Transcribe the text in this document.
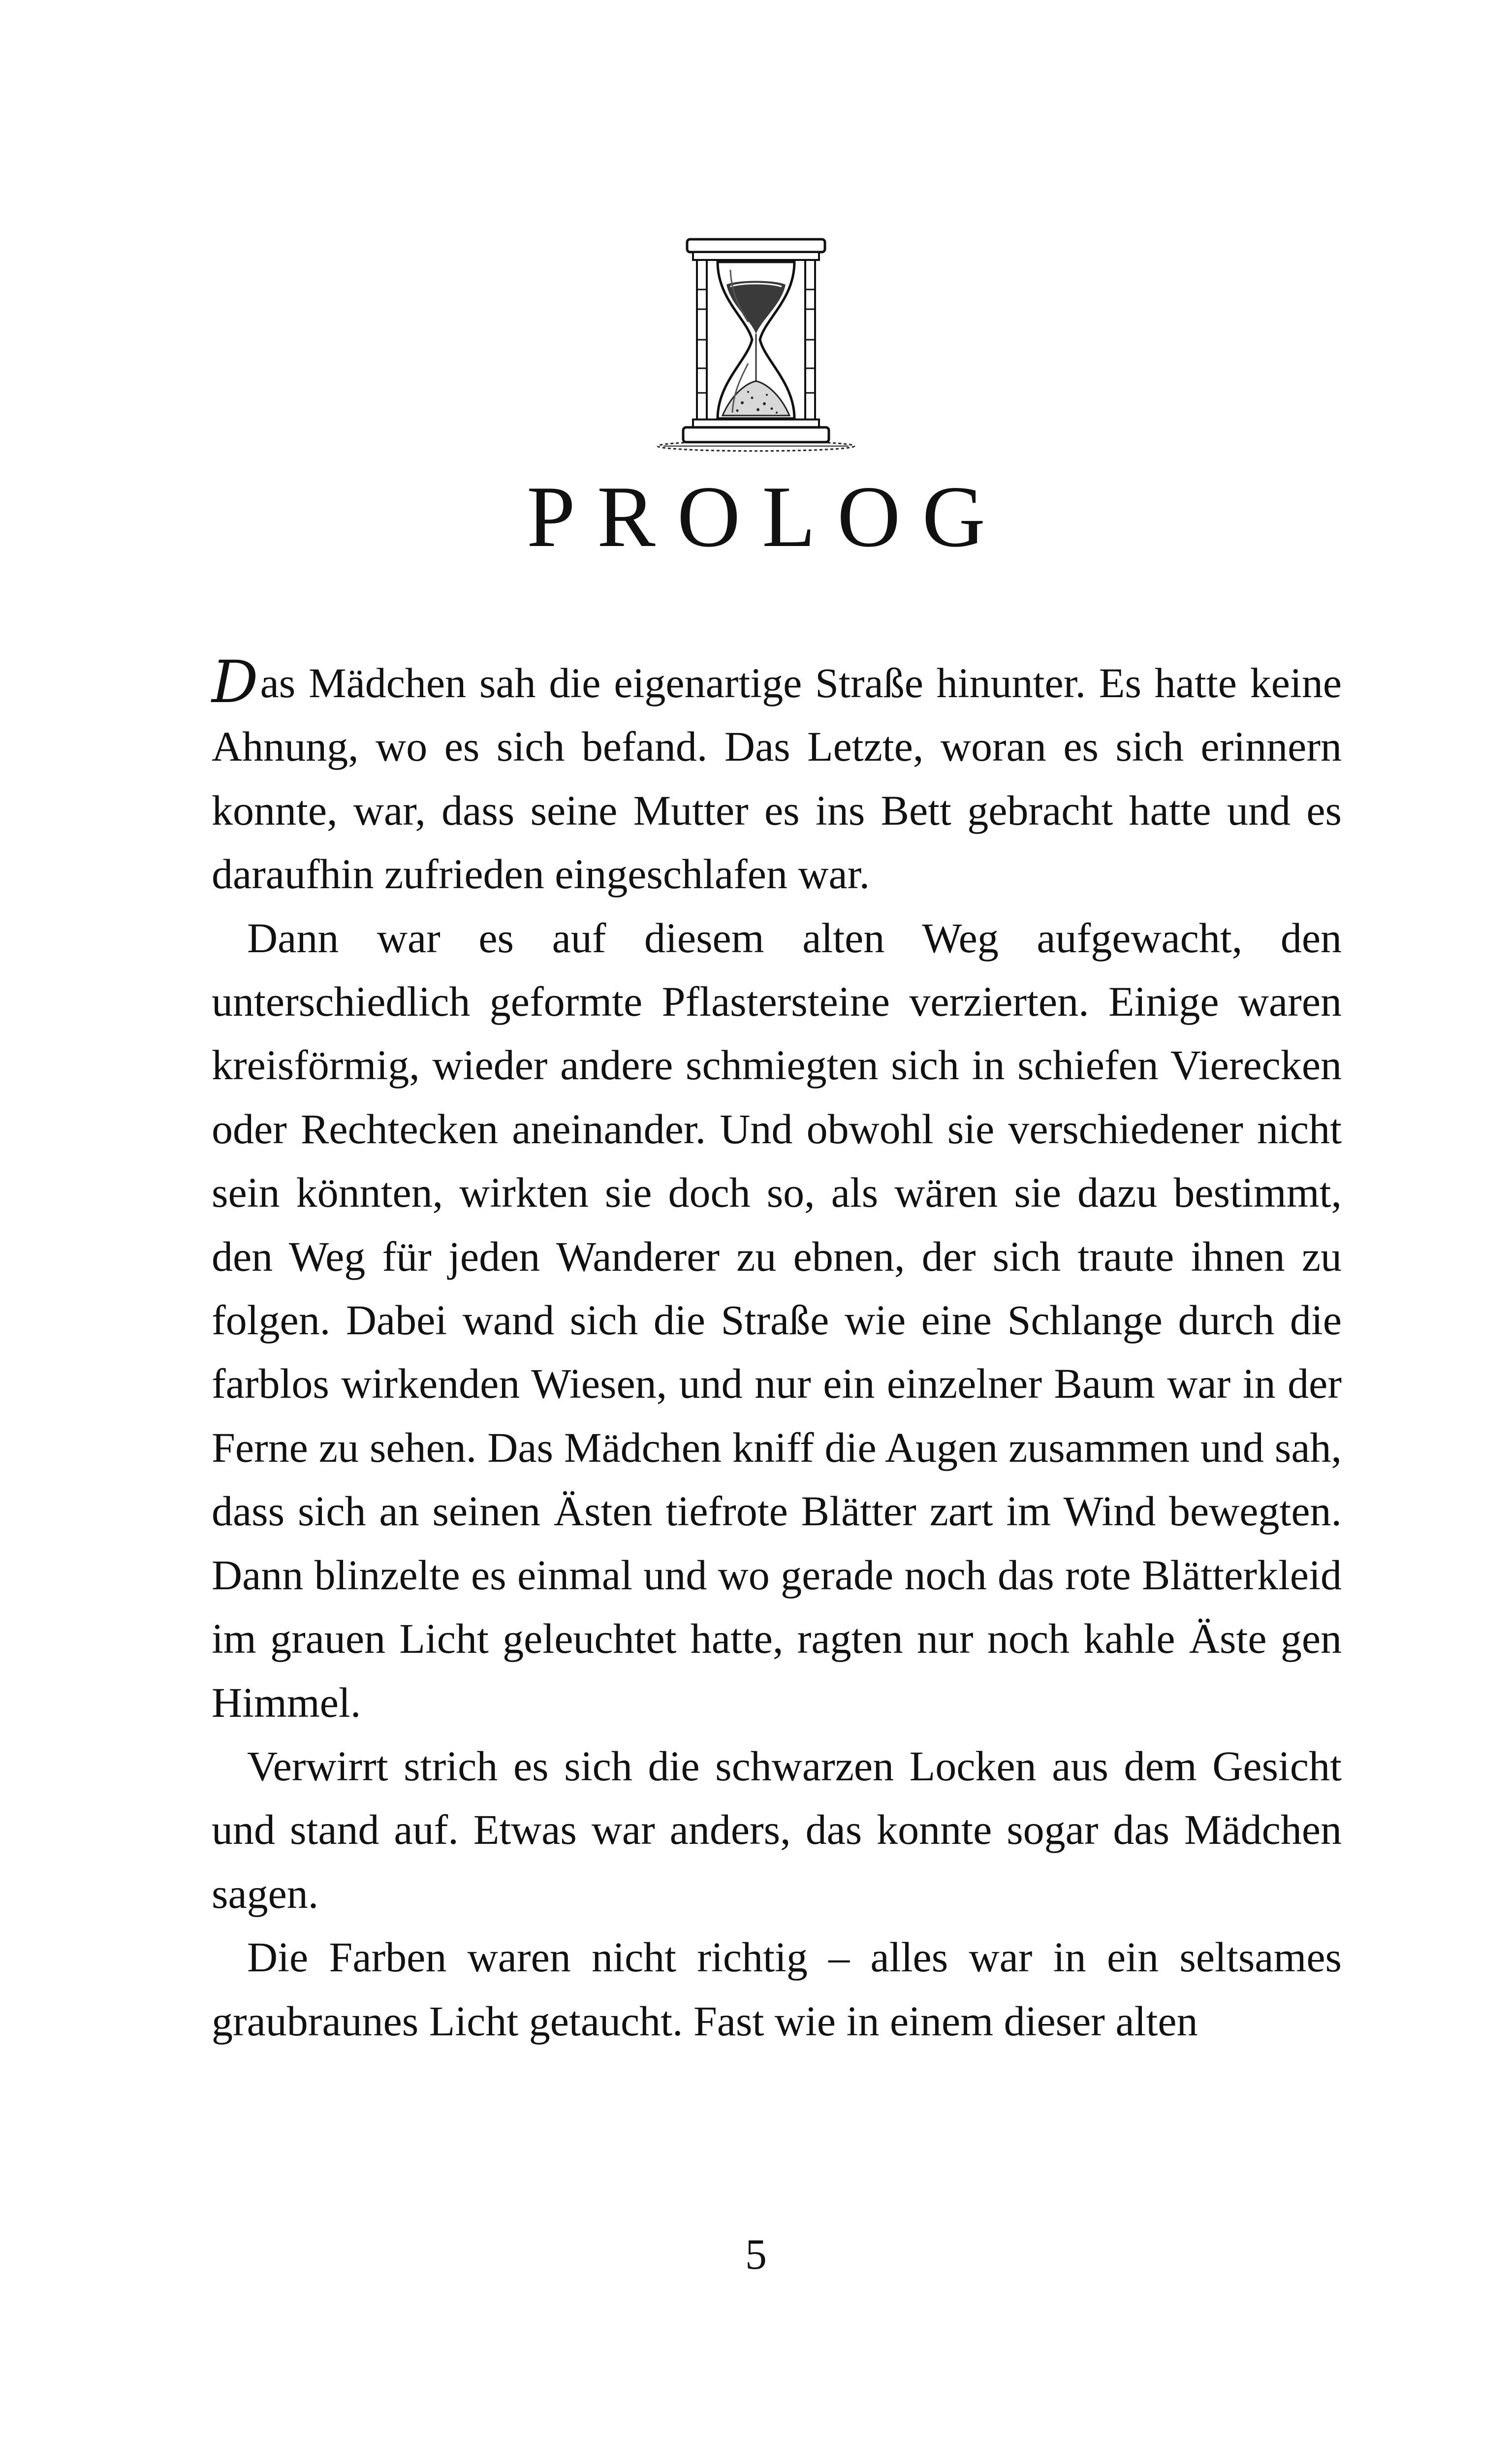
PROLOG

Das Mädchen sah die eigenartige Straße hinunter. Es hatte keine Ahnung, wo es sich befand. Das Letzte, woran es sich erinnern konnte, war, dass seine Mutter es ins Bett gebracht hatte und es daraufhin zufrieden eingeschlafen war.

Dann war es auf diesem alten Weg aufgewacht, den unterschiedlich geformte Pflastersteine verzierten. Einige waren kreisförmig, wieder andere schmiegten sich in schiefen Vierecken oder Rechtecken aneinander. Und obwohl sie verschiedener nicht sein könnten, wirkten sie doch so, als wären sie dazu bestimmt, den Weg für jeden Wanderer zu ebnen, der sich traute ihnen zu folgen. Dabei wand sich die Straße wie eine Schlange durch die farblos wirkenden Wiesen, und nur ein einzelner Baum war in der Ferne zu sehen. Das Mädchen kniff die Augen zusammen und sah, dass sich an seinen Ästen tiefrote Blätter zart im Wind bewegten. Dann blinzelte es einmal und wo gerade noch das rote Blätterkleid im grauen Licht geleuchtet hatte, ragten nur noch kahle Äste gen Himmel.

Verwirrt strich es sich die schwarzen Locken aus dem Gesicht und stand auf. Etwas war anders, das konnte sogar das Mädchen sagen.

Die Farben waren nicht richtig – alles war in ein seltsames graubraunes Licht getaucht. Fast wie in einem dieser alten

5
